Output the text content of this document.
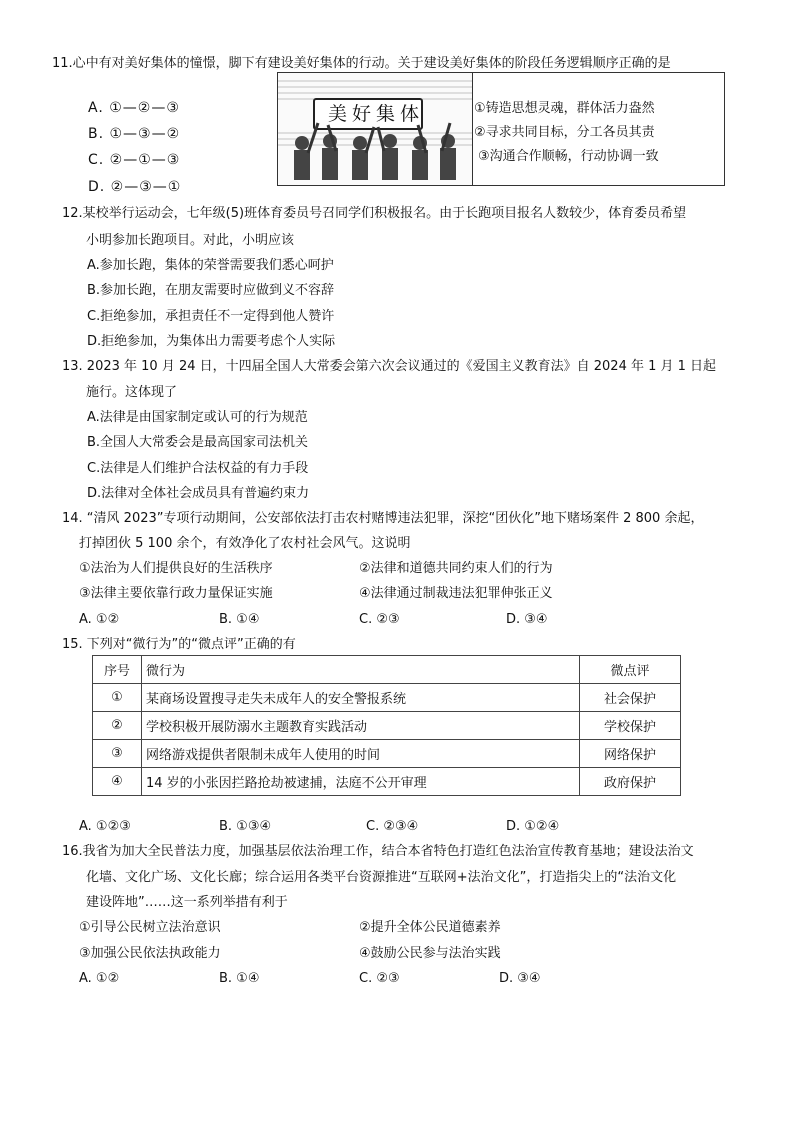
11.心中有对美好集体的憧憬，脚下有建设美好集体的行动。关于建设美好集体的阶段任务逻辑顺序正确的是
A. ①—②—③
B. ①—③—②
C. ②—①—③
D. ②—③—①
美好集体	①铸造思想灵魂，群体活力盎然
②寻求共同目标，分工各员其责
③沟通合作顺畅，行动协调一致
12.某校举行运动会，七年级(5)班体育委员号召同学们积极报名。由于长跑项目报名人数较少，体育委员希望
小明参加长跑项目。对此，小明应该
A.参加长跑，集体的荣誉需要我们悉心呵护
B.参加长跑，在朋友需要时应做到义不容辞
C.拒绝参加，承担责任不一定得到他人赞许
D.拒绝参加，为集体出力需要考虑个人实际
13. 2023 年 10 月 24 日，十四届全国人大常委会第六次会议通过的《爱国主义教育法》自 2024 年 1 月 1 日起
施行。这体现了
A.法律是由国家制定或认可的行为规范
B.全国人大常委会是最高国家司法机关
C.法律是人们维护合法权益的有力手段
D.法律对全体社会成员具有普遍约束力
14. “清风 2023”专项行动期间，公安部依法打击农村赌博违法犯罪，深挖“团伙化”地下赌场案件 2 800 余起，
打掉团伙 5 100 余个，有效净化了农村社会风气。这说明
①法治为人们提供良好的生活秩序	②法律和道德共同约束人们的行为
③法律主要依靠行政力量保证实施	④法律通过制裁违法犯罪伸张正义
A. ①②	B. ①④	C. ②③	D. ③④
15. 下列对“微行为”的“微点评”正确的有
序号	微行为	微点评
①	某商场设置搜寻走失未成年人的安全警报系统	社会保护
②	学校积极开展防溺水主题教育实践活动	学校保护
③	网络游戏提供者限制未成年人使用的时间	网络保护
④	14 岁的小张因拦路抢劫被逮捕，法庭不公开审理	政府保护
A. ①②③	B. ①③④	C. ②③④	D. ①②④
16.我省为加大全民普法力度，加强基层依法治理工作，结合本省特色打造红色法治宣传教育基地；建设法治文
化墙、文化广场、文化长廊；综合运用各类平台资源推进“互联网+法治文化”，打造指尖上的“法治文化
建设阵地”……这一系列举措有利于
①引导公民树立法治意识	②提升全体公民道德素养
③加强公民依法执政能力	④鼓励公民参与法治实践
A. ①②	B. ①④	C. ②③	D. ③④
